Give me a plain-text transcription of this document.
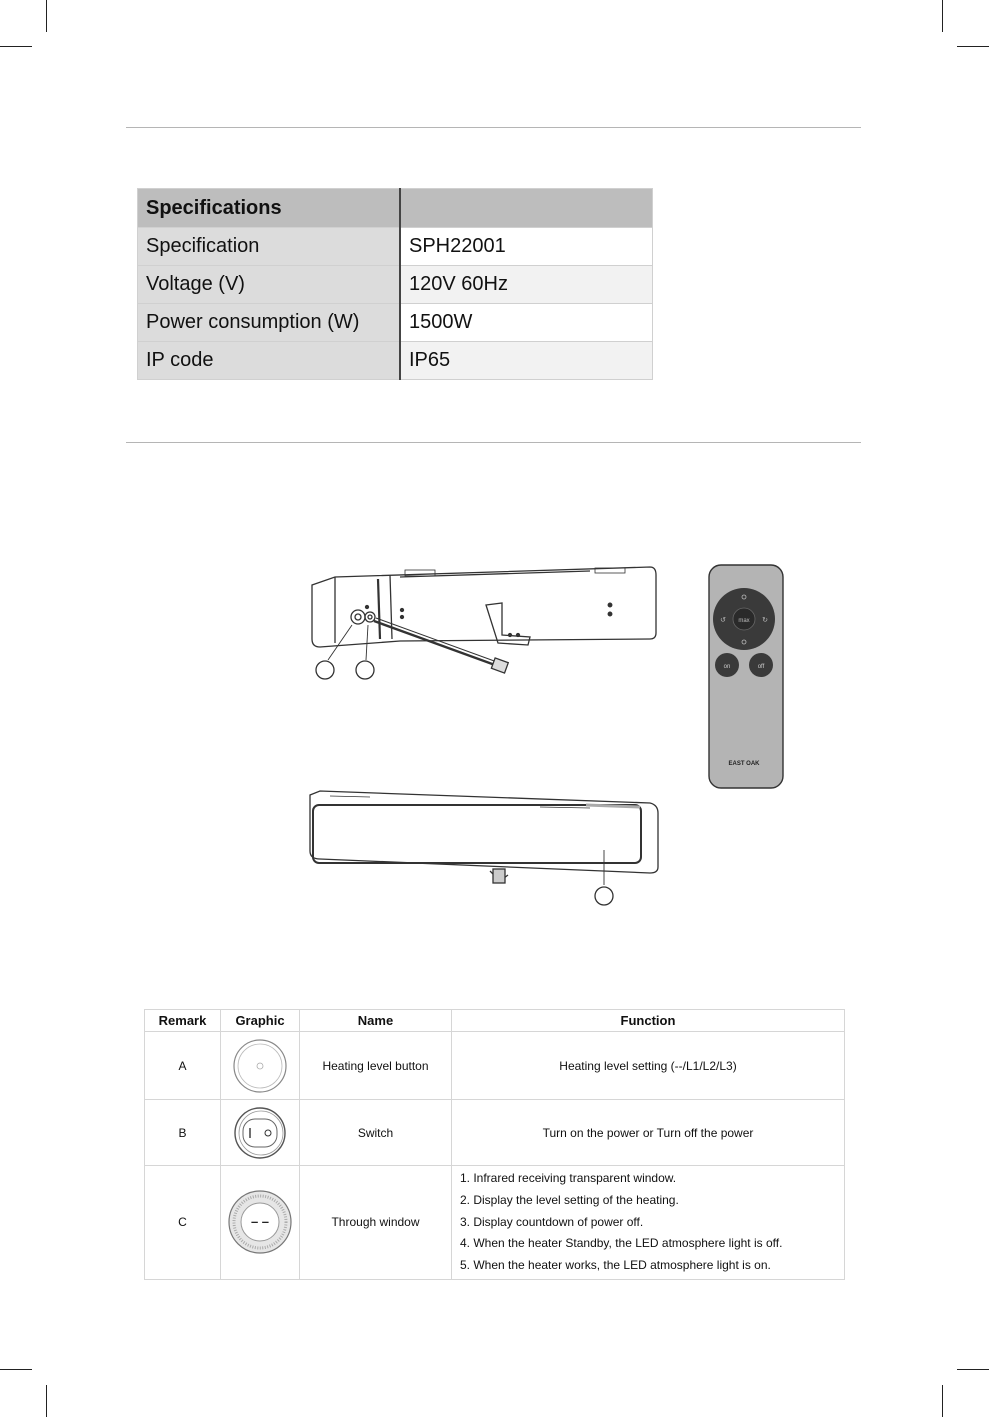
Specifications	
Specification	SPH22001
Voltage (V)	120V 60Hz
Power consumption (W)	1500W
IP code	IP65
max
↺	↻
on	off
EAST OAK
Remark	Graphic	Name	Function
A		Heating level button	Heating level setting (--/L1/L2/L3)
B		Switch	Turn on the power or Turn off the power
C	– –	Through window	1. Infrared receiving transparent window.
2. Display the level setting of the heating.
3. Display countdown of power off.
4. When the heater Standby, the LED atmosphere light is off.
5. When the heater works, the LED atmosphere light is on.
